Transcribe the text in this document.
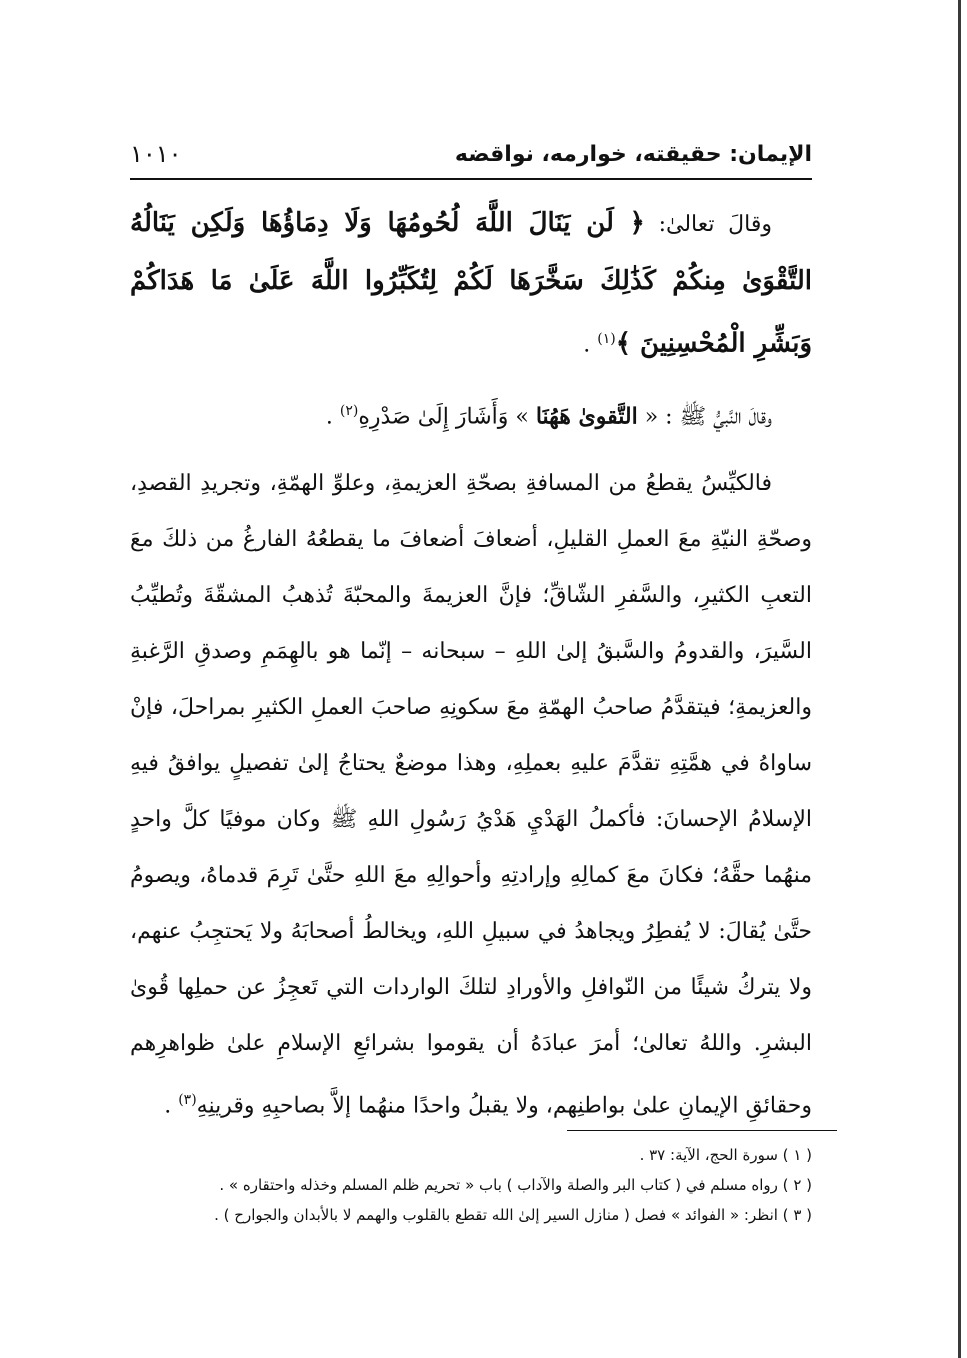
الإيمان: حقيقته، خوارمه، نواقضه
١٠١٠

وقالَ تعالىٰ: ﴿ لَن يَنَالَ اللَّهَ لُحُومُهَا وَلَا دِمَاؤُهَا وَلَكِن يَنَالُهُ التَّقْوَىٰ مِنكُمْ كَذَٰلِكَ سَخَّرَهَا لَكُمْ لِتُكَبِّرُوا اللَّهَ عَلَىٰ مَا هَدَاكُمْ وَبَشِّرِ الْمُحْسِنِينَ ﴾$^{(١)}$ .

وقالَ النَّبيُّ ﷺ : « التَّقوىٰ هَهُنَا » وَأَشَارَ إِلَىٰ صَدْرِهِ$^{(٢)}$ .

فالكيِّسُ يقطعُ من المسافةِ بصحّةِ العزيمةِ، وعلوِّ الهمّةِ، وتجريدِ القصدِ، وصحّةِ النيّةِ معَ العملِ القليلِ، أضعافَ أضعافَ ما يقطعُهُ الفارغُ من ذلكَ معَ التعبِ الكثيرِ، والسَّفرِ الشّاقِّ؛ فإنَّ العزيمةَ والمحبّةَ تُذهبُ المشقّةَ وتُطيِّبُ السَّيرَ، والقدومُ والسَّبقُ إلىٰ اللهِ – سبحانه – إنّما هو بالهِمَمِ وصدقِ الرَّغبةِ والعزيمةِ؛ فيتقدَّمُ صاحبُ الهمّةِ معَ سكونِهِ صاحبَ العملِ الكثيرِ بمراحلَ، فإنْ ساواهُ في همَّتِهِ تقدَّمَ عليهِ بعملِهِ، وهذا موضعٌ يحتاجُ إلىٰ تفصيلٍ يوافقُ فيهِ الإسلامُ الإحسانَ: فأكملُ الهَدْيِ هَدْيُ رَسُولِ اللهِ ﷺ وكان موفيًا كلَّ واحدٍ منهُما حقَّهُ؛ فكانَ معَ كمالِهِ وإرادتِهِ وأحوالِهِ معَ اللهِ حتَّىٰ تَرِمَ قدماهُ، ويصومُ حتَّىٰ يُقالَ: لا يُفطِرُ ويجاهدُ في سبيلِ اللهِ، ويخالطُ أصحابَهُ ولا يَحتجِبُ عنهم، ولا يتركُ شيئًا من النّوافلِ والأورادِ لتلكَ الواردات التي تَعجِزُ عن حملِها قُوىٰ البشرِ. واللهُ تعالىٰ؛ أمرَ عبادَهُ أن يقوموا بشرائعِ الإسلامِ علىٰ ظواهرِهم وحقائقِ الإيمانِ علىٰ بواطنِهم، ولا يقبلُ واحدًا منهُما إلاَّ بصاحبِهِ وقرينِهِ$^{(٣)}$ .

( ١ ) سورة الحج، الآية: ٣٧ .
( ٢ ) رواه مسلم في ( كتاب البر والصلة والآداب ) باب « تحريم ظلم المسلم وخذله واحتقاره » .
( ٣ ) انظر: « الفوائد » فصل ( منازل السير إلىٰ الله تقطع بالقلوب والهمم لا بالأبدان والجوارح ) .
